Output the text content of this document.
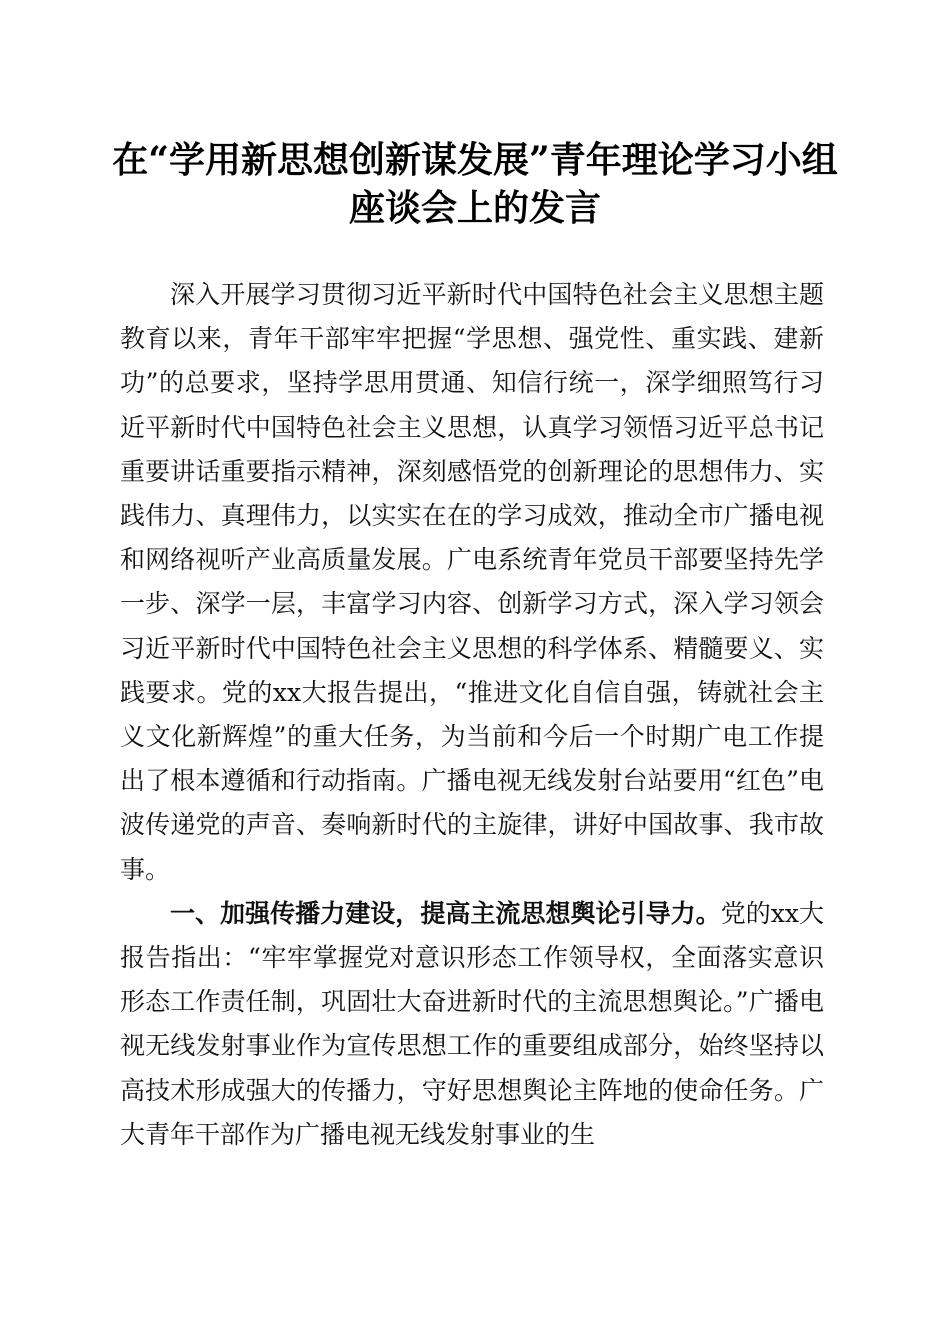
在“学用新思想创新谋发展”青年理论学习小组座谈会上的发言

深入开展学习贯彻习近平新时代中国特色社会主义思想主题教育以来，青年干部牢牢把握“学思想、强党性、重实践、建新功”的总要求，坚持学思用贯通、知信行统一，深学细照笃行习近平新时代中国特色社会主义思想，认真学习领悟习近平总书记重要讲话重要指示精神，深刻感悟党的创新理论的思想伟力、实践伟力、真理伟力，以实实在在的学习成效，推动全市广播电视和网络视听产业高质量发展。广电系统青年党员干部要坚持先学一步、深学一层，丰富学习内容、创新学习方式，深入学习领会习近平新时代中国特色社会主义思想的科学体系、精髓要义、实践要求。党的xx大报告提出，“推进文化自信自强，铸就社会主义文化新辉煌”的重大任务，为当前和今后一个时期广电工作提出了根本遵循和行动指南。广播电视无线发射台站要用“红色”电波传递党的声音、奏响新时代的主旋律，讲好中国故事、我市故事。

一、加强传播力建设，提高主流思想舆论引导力。党的xx大报告指出：“牢牢掌握党对意识形态工作领导权，全面落实意识形态工作责任制，巩固壮大奋进新时代的主流思想舆论。”广播电视无线发射事业作为宣传思想工作的重要组成部分，始终坚持以高技术形成强大的传播力，守好思想舆论主阵地的使命任务。广大青年干部作为广播电视无线发射事业的生
